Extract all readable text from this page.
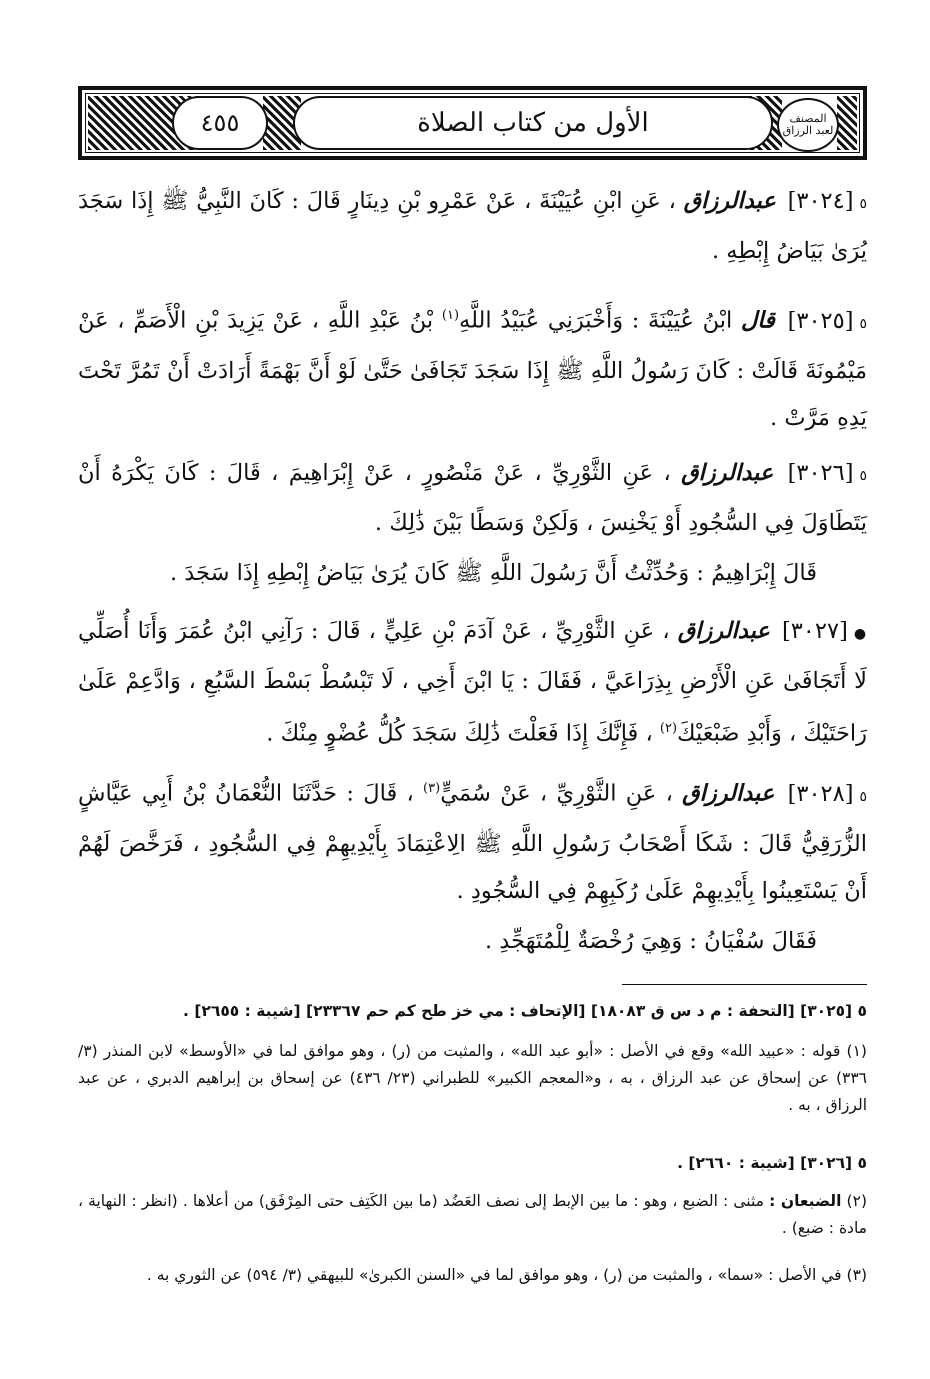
٤٥٥	الأول من كتاب الصلاة	المصنف لعبد الرزاق
٥[٣٠٢٤] عبدالرزاق ، عَنِ ابْنِ عُيَيْنَةَ ، عَنْ عَمْرِو بْنِ دِينَارٍ قَالَ : كَانَ النَّبِيُّ ﷺ إِذَا سَجَدَ يُرَىٰ بَيَاضُ إِبْطِهِ .
٥[٣٠٢٥] قال ابْنُ عُيَيْنَةَ : وَأَخْبَرَنِي عُبَيْدُ اللَّهِ$^{(١)}$ بْنُ عَبْدِ اللَّهِ ، عَنْ يَزِيدَ بْنِ الْأَصَمِّ ، عَنْ مَيْمُونَةَ قَالَتْ : كَانَ رَسُولُ اللَّهِ ﷺ إِذَا سَجَدَ تَجَافَىٰ حَتَّىٰ لَوْ أَنَّ بَهْمَةً أَرَادَتْ أَنْ تَمُرَّ تَحْتَ يَدِهِ مَرَّتْ .
٥[٣٠٢٦] عبدالرزاق ، عَنِ الثَّوْرِيِّ ، عَنْ مَنْصُورٍ ، عَنْ إِبْرَاهِيمَ ، قَالَ : كَانَ يَكْرَهُ أَنْ يَتَطَاوَلَ فِي السُّجُودِ أَوْ يَخْنِسَ ، وَلَكِنْ وَسَطًا بَيْنَ ذَٰلِكَ .
قَالَ إِبْرَاهِيمُ : وَحُدِّثْتُ أَنَّ رَسُولَ اللَّهِ ﷺ كَانَ يُرَىٰ بَيَاضُ إِبْطِهِ إِذَا سَجَدَ .
●[٣٠٢٧] عبدالرزاق ، عَنِ الثَّوْرِيِّ ، عَنْ آدَمَ بْنِ عَلِيٍّ ، قَالَ : رَآنِي ابْنُ عُمَرَ وَأَنَا أُصَلِّي لَا أَتَجَافَىٰ عَنِ الْأَرْضِ بِذِرَاعَيَّ ، فَقَالَ : يَا ابْنَ أَخِي ، لَا تَبْسُطْ بَسْطَ السَّبُعِ ، وَادَّعِمْ عَلَىٰ رَاحَتَيْكَ ، وَأَبْدِ ضَبْعَيْكَ$^{(٢)}$ ، فَإِنَّكَ إِذَا فَعَلْتَ ذَٰلِكَ سَجَدَ كُلُّ عُضْوٍ مِنْكَ .
٥[٣٠٢٨] عبدالرزاق ، عَنِ الثَّوْرِيِّ ، عَنْ سُمَيٍّ$^{(٣)}$ ، قَالَ : حَدَّثَنَا النُّعْمَانُ بْنُ أَبِي عَيَّاشٍ الزُّرَقِيُّ قَالَ : شَكَا أَصْحَابُ رَسُولِ اللَّهِ ﷺ الِاعْتِمَادَ بِأَيْدِيهِمْ فِي السُّجُودِ ، فَرَخَّصَ لَهُمْ أَنْ يَسْتَعِينُوا بِأَيْدِيهِمْ عَلَىٰ رُكَبِهِمْ فِي السُّجُودِ .
فَقَالَ سُفْيَانُ : وَهِيَ رُخْصَةٌ لِلْمُتَهَجِّدِ .
٥ [٣٠٢٥] [التحفة : م د س ق ١٨٠٨٣] [الإتحاف : مي خز طح كم حم ٢٣٣٦٧] [شيبة : ٢٦٥٥] .
(١) قوله : «عبيد الله» وقع في الأصل : «أبو عبد الله» ، والمثبت من (ر) ، وهو موافق لما في «الأوسط» لابن المنذر (٣/ ٣٣٦) عن إسحاق عن عبد الرزاق ، به ، و«المعجم الكبير» للطبراني (٢٣/ ٤٣٦) عن إسحاق بن إبراهيم الدبري ، عن عبد الرزاق ، به .
٥ [٣٠٢٦] [شيبة : ٢٦٦٠] .
(٢) الضبعان : مثنى : الضبع ، وهو : ما بين الإبط إلى نصف العَضُد (ما بين الكَتِف حتى المِرْفَق) من أعلاها . (انظر : النهاية ، مادة : ضبع) .
(٣) في الأصل : «سما» ، والمثبت من (ر) ، وهو موافق لما في «السنن الكبرىٰ» للبيهقي (٣/ ٥٩٤) عن الثوري به .
